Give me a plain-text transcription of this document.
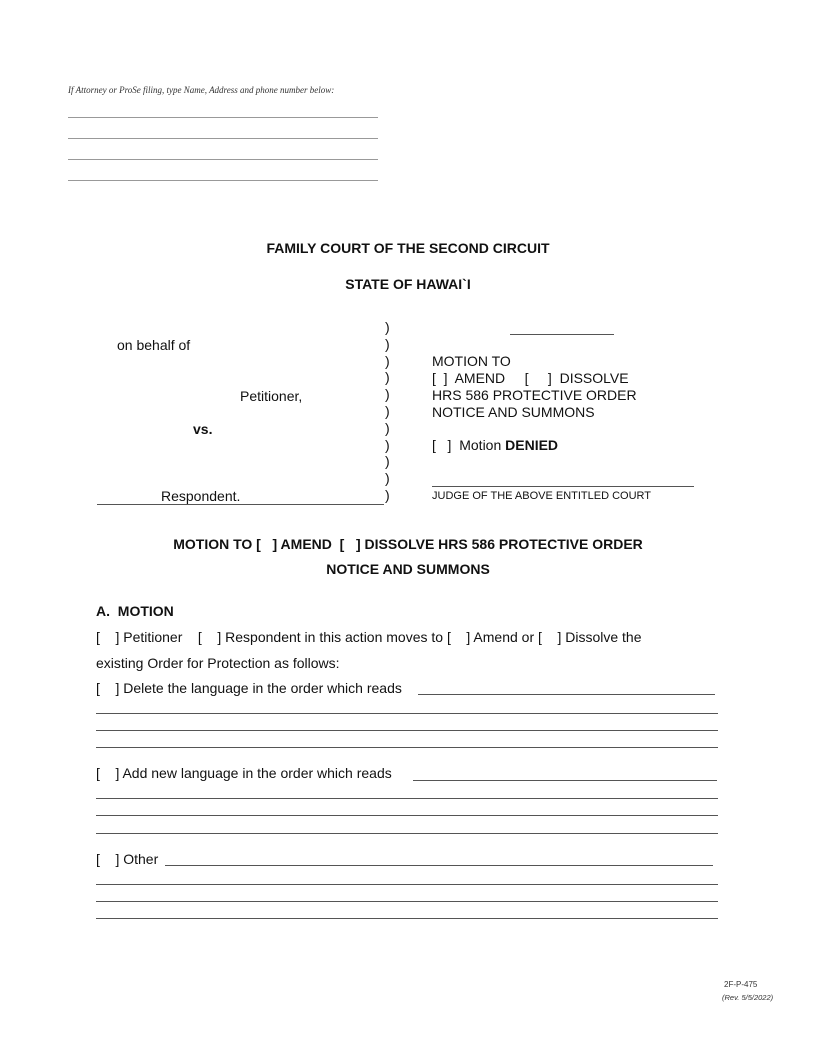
If Attorney or ProSe filing, type Name, Address and phone number below:
FAMILY COURT OF THE SECOND CIRCUIT
STATE OF HAWAI`I
on behalf of
Petitioner,
vs.
Respondent.
)
)
)
)
)
)
)
)
)
)
)
MOTION TO
[  ]  AMEND     [     ]  DISSOLVE
HRS 586 PROTECTIVE ORDER
NOTICE AND SUMMONS
[   ]  Motion DENIED
JUDGE OF THE ABOVE ENTITLED COURT
MOTION TO [   ] AMEND  [   ] DISSOLVE HRS 586 PROTECTIVE ORDER
NOTICE AND SUMMONS
A.  MOTION
[    ] Petitioner    [    ] Respondent in this action moves to [    ] Amend or [    ] Dissolve the
existing Order for Protection as follows:
[    ] Delete the language in the order which reads
[    ] Add new language in the order which reads
[    ] Other
2F-P-475
(Rev. 5/5/2022)
